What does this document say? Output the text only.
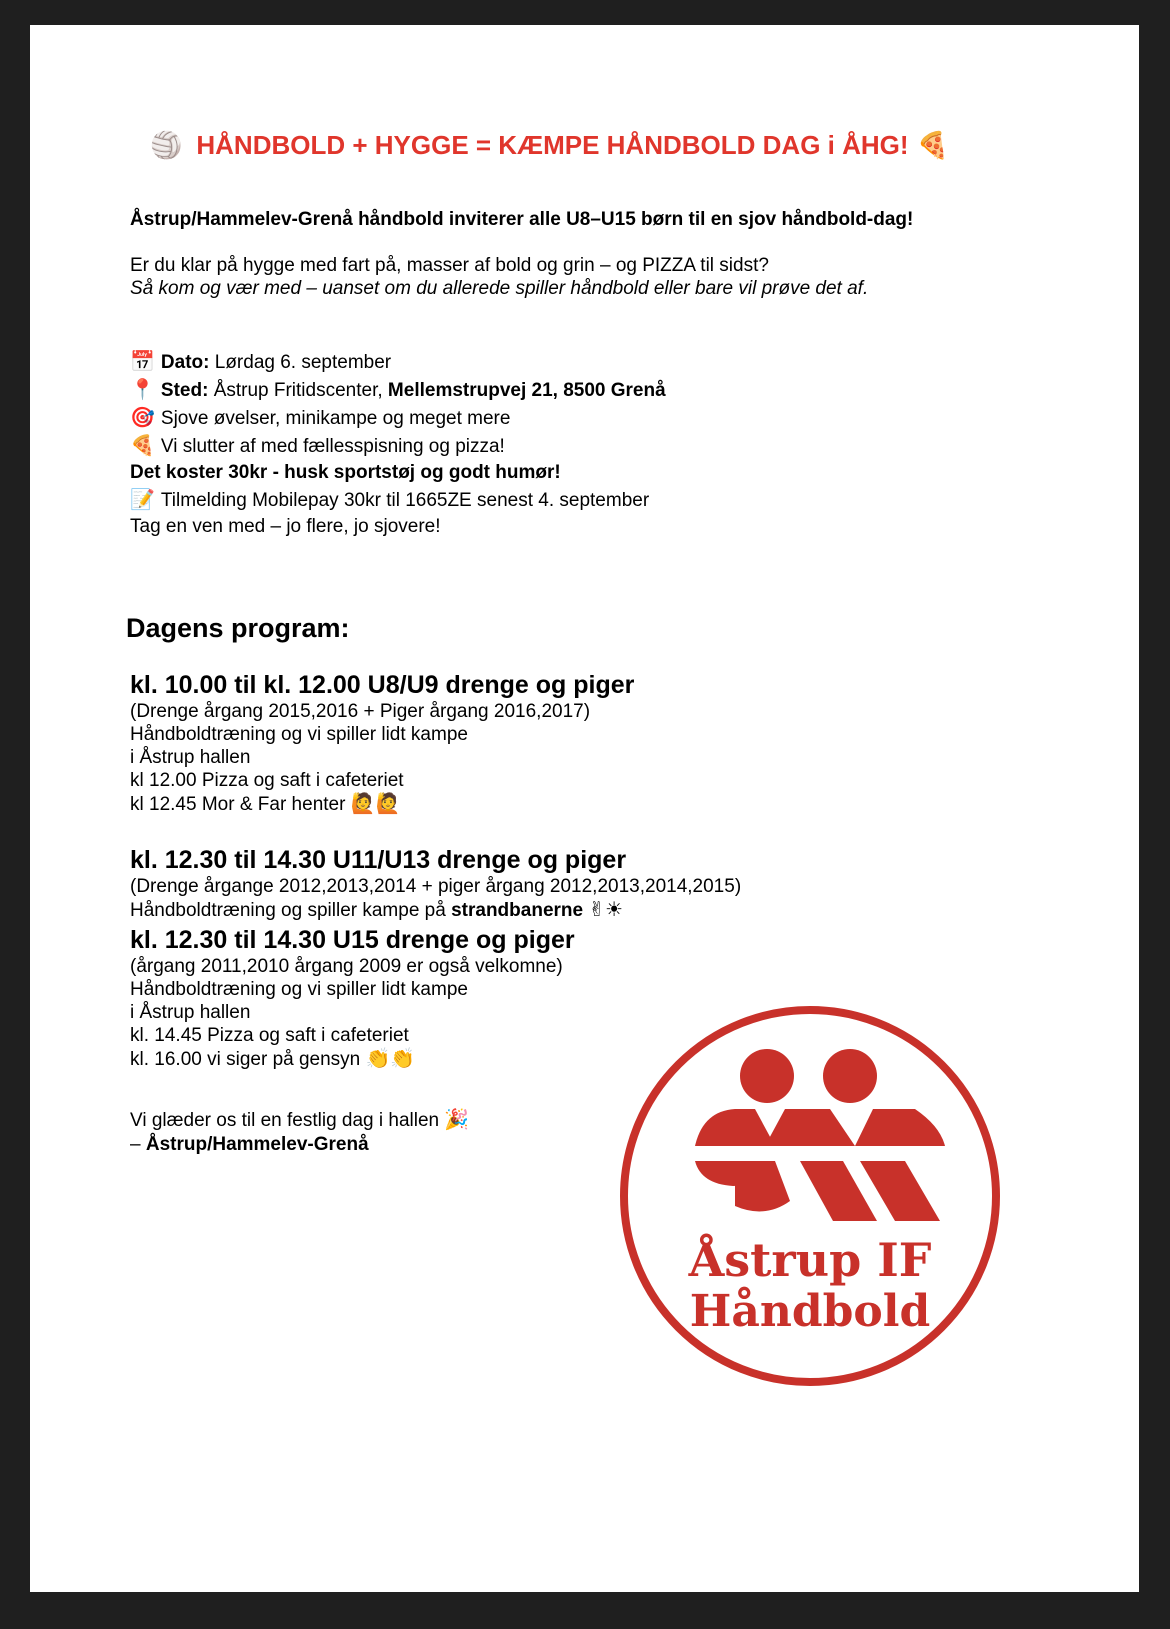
🏐 HÅNDBOLD + HYGGE = KÆMPE HÅNDBOLD DAG i ÅHG! 🍕
Åstrup/Hammelev-Grenå håndbold inviterer alle U8–U15 børn til en sjov håndbold-dag!
Er du klar på hygge med fart på, masser af bold og grin – og PIZZA til sidst?
Så kom og vær med – uanset om du allerede spiller håndbold eller bare vil prøve det af.
📅 Dato: Lørdag 6. september
📍 Sted: Åstrup Fritidscenter, Mellemstrupvej 21, 8500 Grenå
🎯 Sjove øvelser, minikampe og meget mere
🍕 Vi slutter af med fællesspisning og pizza!
Det koster 30kr - husk sportstøj og godt humør!
📝 Tilmelding Mobilepay 30kr til 1665ZE senest 4. september
Tag en ven med – jo flere, jo sjovere!
Dagens program:
kl. 10.00 til kl. 12.00 U8/U9 drenge og piger
(Drenge årgang 2015,2016 + Piger årgang 2016,2017)
Håndboldtræning og vi spiller lidt kampe
i Åstrup hallen
kl 12.00 Pizza og saft i cafeteriet
kl 12.45 Mor & Far henter 🙋🙋
kl. 12.30 til 14.30 U11/U13 drenge og piger
(Drenge årgange 2012,2013,2014 + piger årgang 2012,2013,2014,2015)
Håndboldtræning og spiller kampe på strandbanerne ✌☀
kl. 12.30 til 14.30 U15 drenge og piger
(årgang 2011,2010 årgang 2009 er også velkomne)
Håndboldtræning og vi spiller lidt kampe
i Åstrup hallen
kl. 14.45 Pizza og saft i cafeteriet
kl. 16.00 vi siger på gensyn 👏👏
Vi glæder os til en festlig dag i hallen 🎉
– Åstrup/Hammelev-Grenå
Åstrup IF
Håndbold
